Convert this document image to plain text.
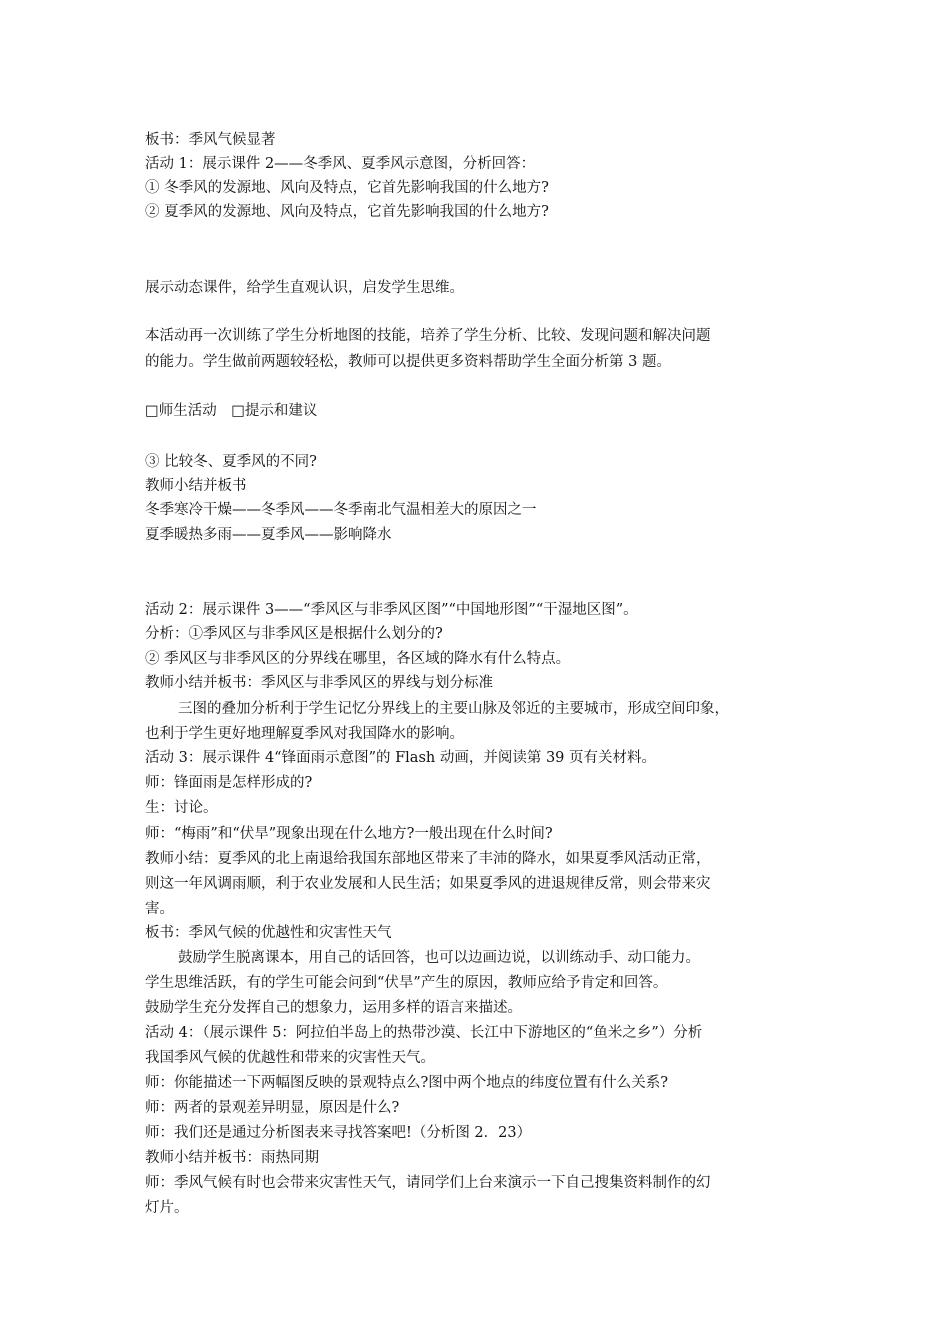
板书：季风气候显著
活动 1：展示课件 2——冬季风、夏季风示意图，分析回答：
① 冬季风的发源地、风向及特点，它首先影响我国的什么地方?
② 夏季风的发源地、风向及特点，它首先影响我国的什么地方?
展示动态课件，给学生直观认识，启发学生思维。
本活动再一次训练了学生分析地图的技能，培养了学生分析、比较、发现问题和解决问题
的能力。学生做前两题较轻松，教师可以提供更多资料帮助学生全面分析第 3 题。
□师生活动　□提示和建议
③ 比较冬、夏季风的不同?
教师小结并板书
冬季寒冷干燥——冬季风——冬季南北气温相差大的原因之一
夏季暖热多雨——夏季风——影响降水
活动 2：展示课件 3——“季风区与非季风区图”“中国地形图”“干湿地区图”。
分析：①季风区与非季风区是根据什么划分的?
② 季风区与非季风区的分界线在哪里，各区域的降水有什么特点。
教师小结并板书：季风区与非季风区的界线与划分标准
三图的叠加分析利于学生记忆分界线上的主要山脉及邻近的主要城市，形成空间印象，
也利于学生更好地理解夏季风对我国降水的影响。
活动 3：展示课件 4“锋面雨示意图”的 Flash 动画，并阅读第 39 页有关材料。
师：锋面雨是怎样形成的?
生：讨论。
师：“梅雨”和“伏旱”现象出现在什么地方?一般出现在什么时间?
教师小结：夏季风的北上南退给我国东部地区带来了丰沛的降水，如果夏季风活动正常，
则这一年风调雨顺，利于农业发展和人民生活；如果夏季风的进退规律反常，则会带来灾
害。
板书：季风气候的优越性和灾害性天气
鼓励学生脱离课本，用自己的话回答，也可以边画边说，以训练动手、动口能力。
学生思维活跃，有的学生可能会问到“伏旱”产生的原因，教师应给予肯定和回答。
鼓励学生充分发挥自己的想象力，运用多样的语言来描述。
活动 4：（展示课件 5：阿拉伯半岛上的热带沙漠、长江中下游地区的“鱼米之乡”）分析
我国季风气候的优越性和带来的灾害性天气。
师：你能描述一下两幅图反映的景观特点么?图中两个地点的纬度位置有什么关系?
师：两者的景观差异明显，原因是什么?
师：我们还是通过分析图表来寻找答案吧!（分析图 2．23）
教师小结并板书：雨热同期
师：季风气候有时也会带来灾害性天气，请同学们上台来演示一下自己搜集资料制作的幻
灯片。
